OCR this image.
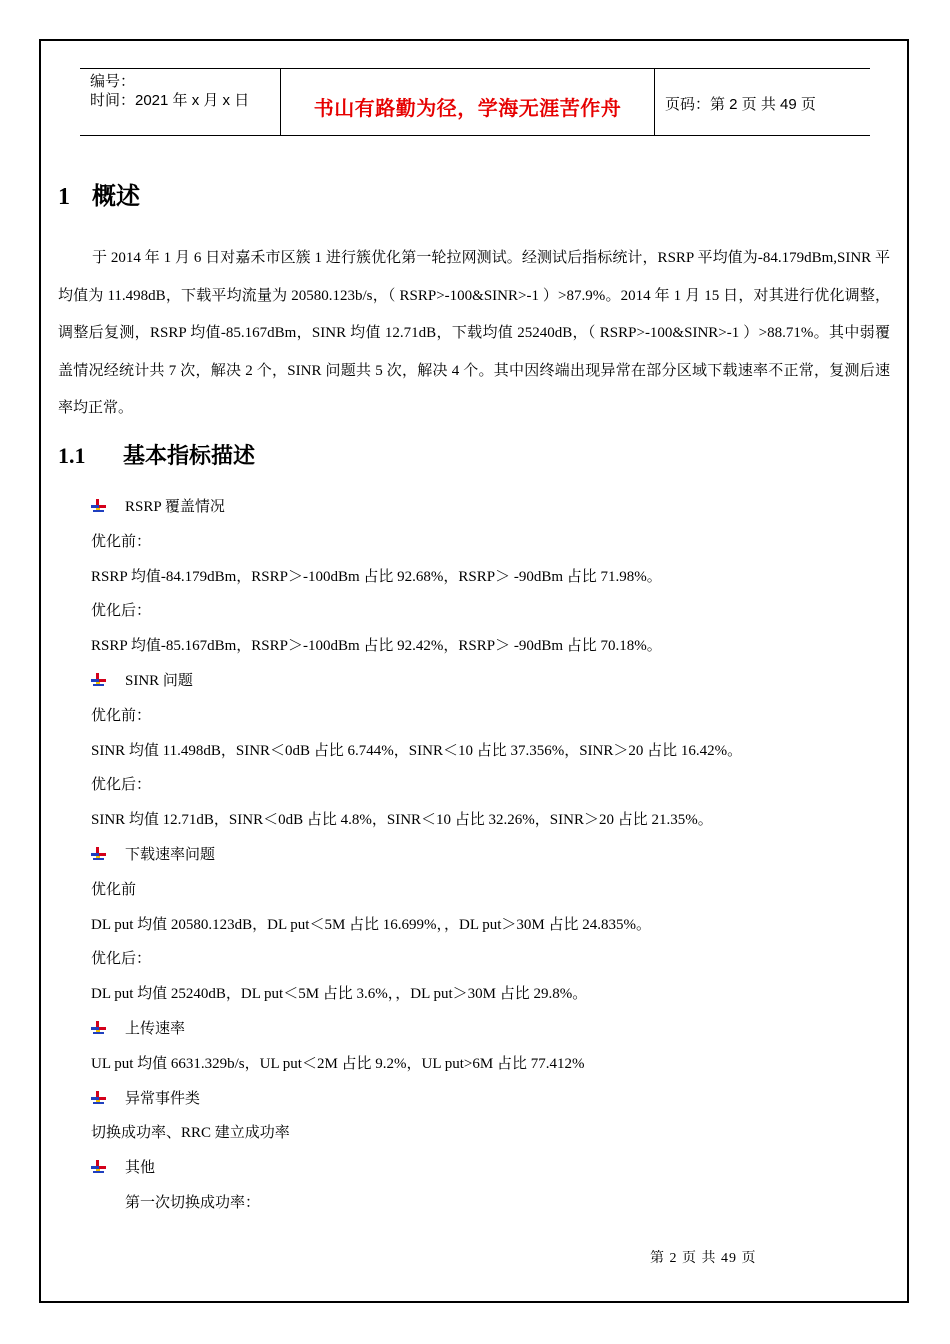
编号：
时间：2021 年 x 月 x 日	书山有路勤为径，学海无涯苦作舟	页码：第 2 页 共 49 页
1 概述

于 2014 年 1 月 6 日对嘉禾市区簇 1 进行簇优化第一轮拉网测试。经测试后指标统计，RSRP 平均值为-84.179dBm,SINR 平均值为 11.498dB，下载平均流量为 20580.123b/s，（ RSRP>-100&SINR>-1 ）>87.9%。2014 年 1 月 15 日，对其进行优化调整，调整后复测，RSRP 均值-85.167dBm，SINR 均值 12.71dB，下载均值 25240dB，（ RSRP>-100&SINR>-1 ）>88.71%。其中弱覆盖情况经统计共 7 次，解决 2 个，SINR 问题共 5 次，解决 4 个。其中因终端出现异常在部分区域下载速率不正常，复测后速率均正常。

1.1 基本指标描述
RSRP 覆盖情况
优化前：
RSRP 均值-84.179dBm，RSRP＞-100dBm 占比 92.68%，RSRP＞ -90dBm 占比 71.98%。
优化后：
RSRP 均值-85.167dBm，RSRP＞-100dBm 占比 92.42%，RSRP＞ -90dBm 占比 70.18%。
SINR 问题
优化前：
SINR 均值 11.498dB，SINR＜0dB 占比 6.744%，SINR＜10 占比 37.356%，SINR＞20 占比 16.42%。
优化后：
SINR 均值 12.71dB，SINR＜0dB 占比 4.8%，SINR＜10 占比 32.26%，SINR＞20 占比 21.35%。
下载速率问题
优化前
DL put 均值 20580.123dB，DL put＜5M 占比 16.699%，，DL put＞30M 占比 24.835%。
优化后：
DL put 均值 25240dB，DL put＜5M 占比 3.6%，，DL put＞30M 占比 29.8%。
上传速率
UL put 均值 6631.329b/s，UL put＜2M 占比 9.2%，UL put>6M 占比 77.412%
异常事件类
切换成功率、RRC 建立成功率
其他
第一次切换成功率：
第 2 页 共 49 页
